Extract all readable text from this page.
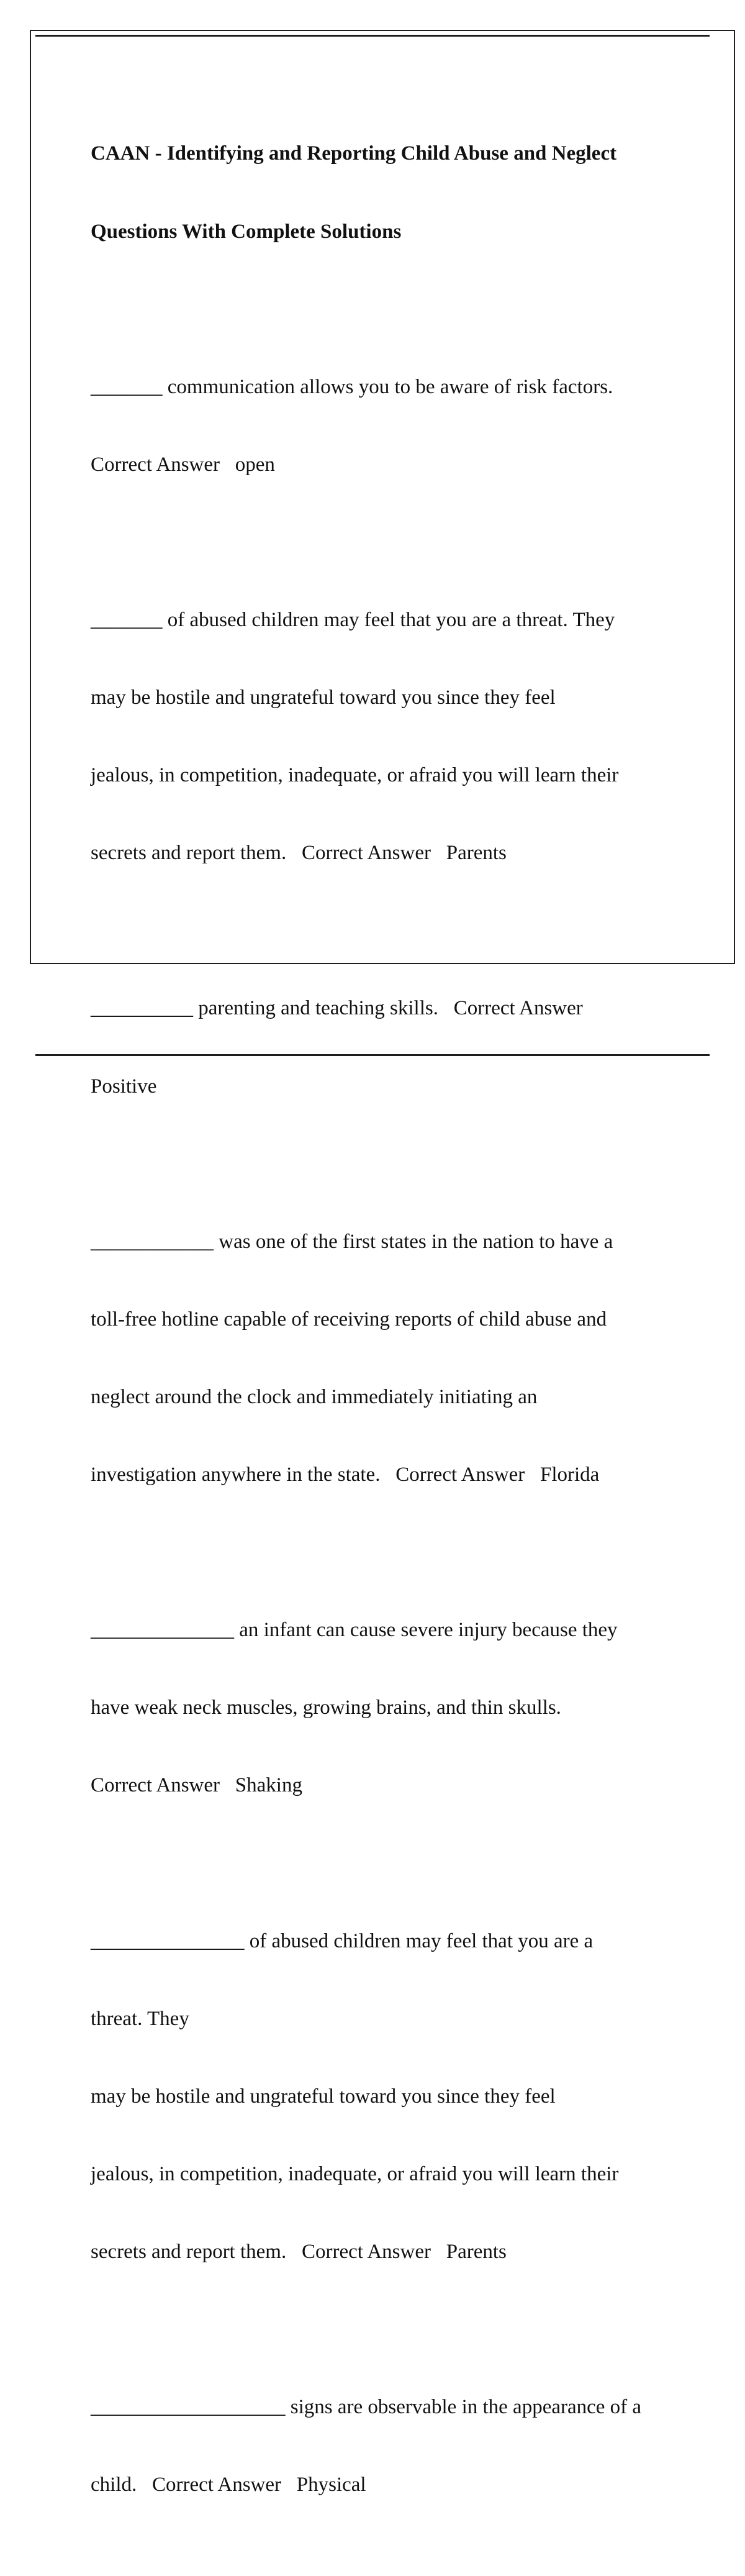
CAAN - Identifying and Reporting Child Abuse and Neglect

Questions With Complete Solutions

_______ communication allows you to be aware of risk factors.

Correct Answer   open

_______ of abused children may feel that you are a threat. They

may be hostile and ungrateful toward you since they feel

jealous, in competition, inadequate, or afraid you will learn their

secrets and report them.   Correct Answer   Parents

__________ parenting and teaching skills.   Correct Answer

Positive

____________ was one of the first states in the nation to have a

toll-free hotline capable of receiving reports of child abuse and

neglect around the clock and immediately initiating an

investigation anywhere in the state.   Correct Answer   Florida

______________ an infant can cause severe injury because they

have weak neck muscles, growing brains, and thin skulls.

Correct Answer   Shaking

_______________ of abused children may feel that you are a

threat. They

may be hostile and ungrateful toward you since they feel

jealous, in competition, inadequate, or afraid you will learn their

secrets and report them.   Correct Answer   Parents

___________________ signs are observable in the appearance of a

child.   Correct Answer   Physical
